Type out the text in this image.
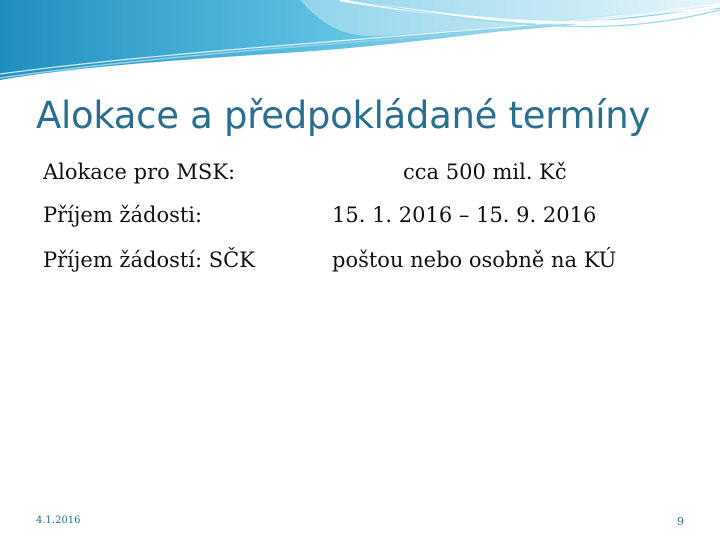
Alokace a předpokládané termíny
Alokace pro MSK:	cca 500 mil. Kč
Příjem žádosti:	15. 1. 2016 – 15. 9. 2016
Příjem žádostí: SČK	poštou nebo osobně na KÚ
4.1.2016	9
